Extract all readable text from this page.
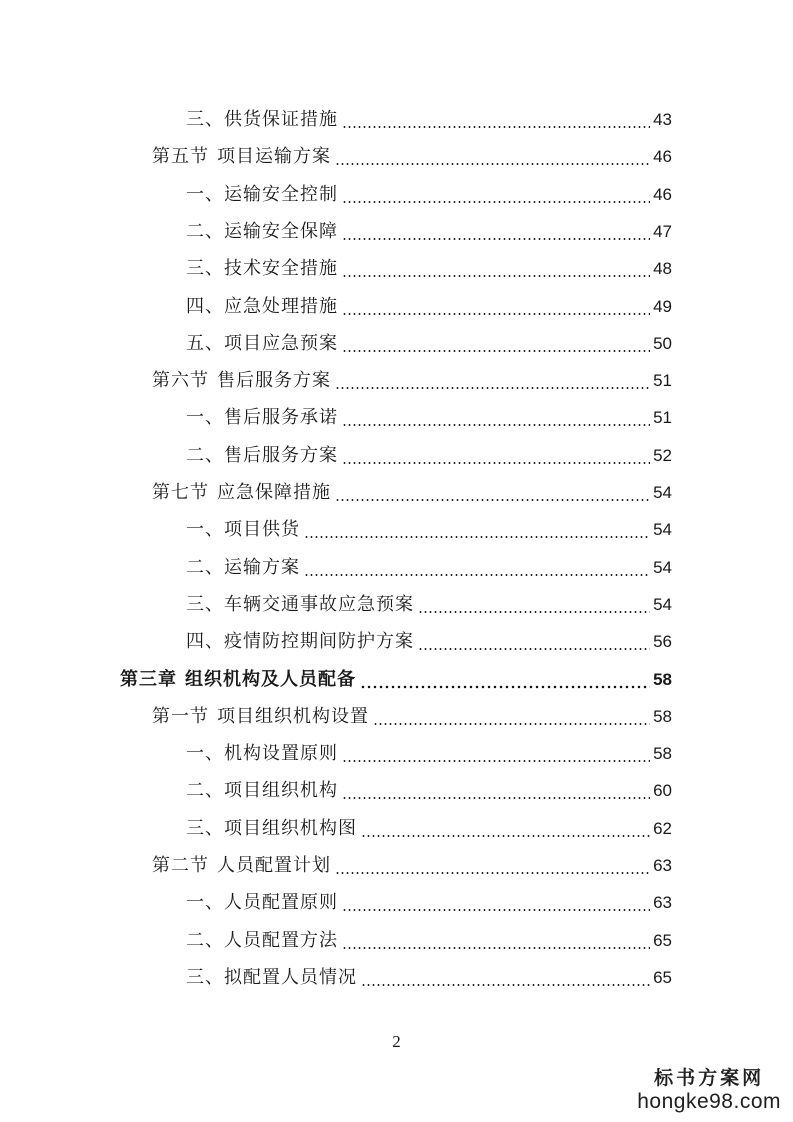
三、供货保证措施	43
第五节 项目运输方案	46
一、运输安全控制	46
二、运输安全保障	47
三、技术安全措施	48
四、应急处理措施	49
五、项目应急预案	50
第六节 售后服务方案	51
一、售后服务承诺	51
二、售后服务方案	52
第七节 应急保障措施	54
一、项目供货	54
二、运输方案	54
三、车辆交通事故应急预案	54
四、疫情防控期间防护方案	56
第三章 组织机构及人员配备	58
第一节 项目组织机构设置	58
一、机构设置原则	58
二、项目组织机构	60
三、项目组织机构图	62
第二节 人员配置计划	63
一、人员配置原则	63
二、人员配置方法	65
三、拟配置人员情况	65
2
标书方案网
hongke98.com
